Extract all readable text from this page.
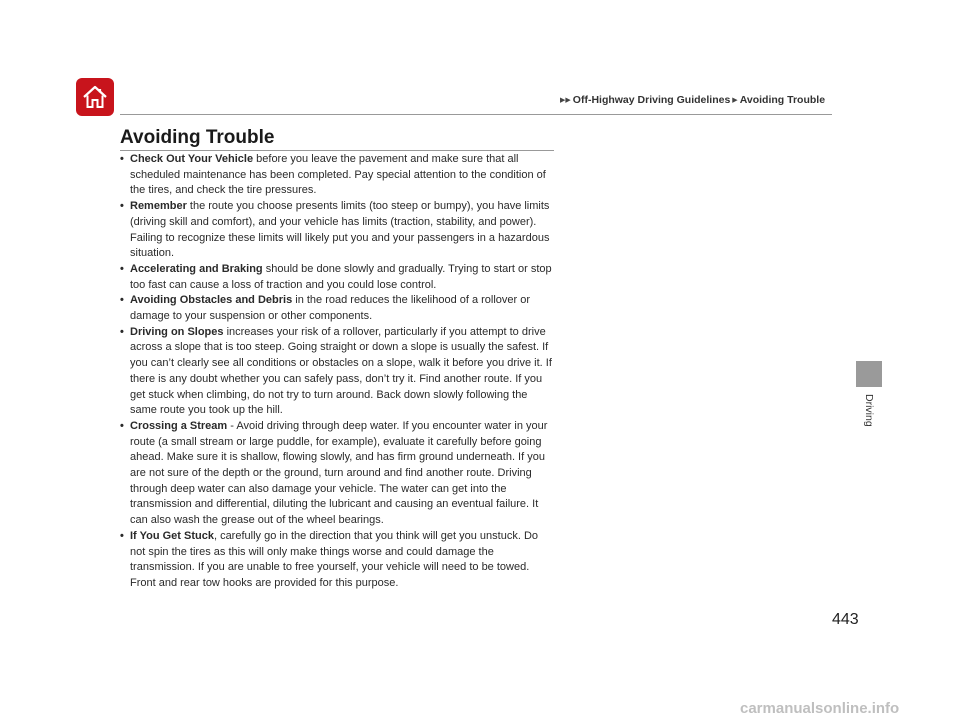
▶▶ Off-Highway Driving Guidelines ▶ Avoiding Trouble
Avoiding Trouble
• Check Out Your Vehicle before you leave the pavement and make sure that all scheduled maintenance has been completed. Pay special attention to the condition of the tires, and check the tire pressures.
• Remember the route you choose presents limits (too steep or bumpy), you have limits (driving skill and comfort), and your vehicle has limits (traction, stability, and power). Failing to recognize these limits will likely put you and your passengers in a hazardous situation.
• Accelerating and Braking should be done slowly and gradually. Trying to start or stop too fast can cause a loss of traction and you could lose control.
• Avoiding Obstacles and Debris in the road reduces the likelihood of a rollover or damage to your suspension or other components.
• Driving on Slopes increases your risk of a rollover, particularly if you attempt to drive across a slope that is too steep. Going straight or down a slope is usually the safest. If you can’t clearly see all conditions or obstacles on a slope, walk it before you drive it. If there is any doubt whether you can safely pass, don’t try it. Find another route. If you get stuck when climbing, do not try to turn around. Back down slowly following the same route you took up the hill.
• Crossing a Stream - Avoid driving through deep water. If you encounter water in your route (a small stream or large puddle, for example), evaluate it carefully before going ahead. Make sure it is shallow, flowing slowly, and has firm ground underneath. If you are not sure of the depth or the ground, turn around and find another route. Driving through deep water can also damage your vehicle. The water can get into the transmission and differential, diluting the lubricant and causing an eventual failure. It can also wash the grease out of the wheel bearings.
• If You Get Stuck, carefully go in the direction that you think will get you unstuck. Do not spin the tires as this will only make things worse and could damage the transmission. If you are unable to free yourself, your vehicle will need to be towed. Front and rear tow hooks are provided for this purpose.
Driving
443
carmanualsonline.info
